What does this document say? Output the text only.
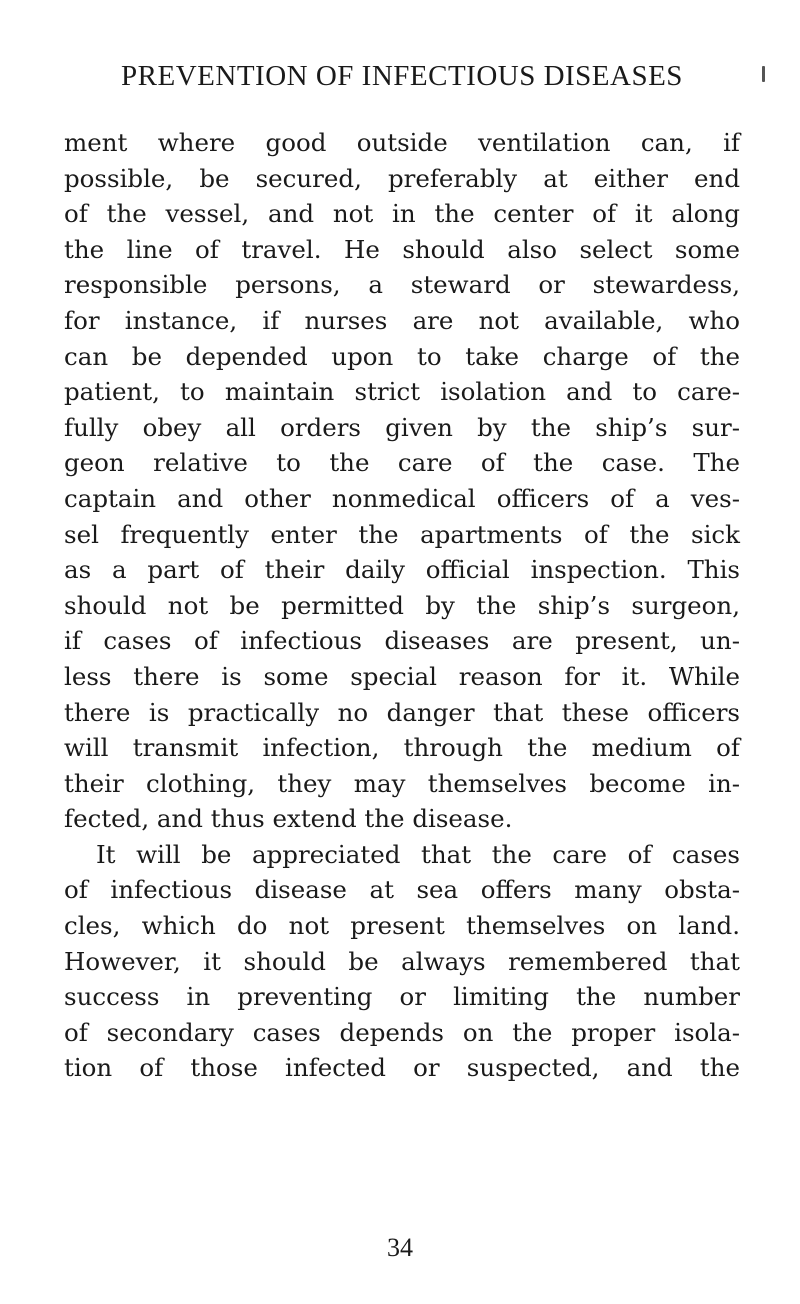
PREVENTION OF INFECTIOUS DISEASES
ment where good outside ventilation can, if
possible, be secured, preferably at either end
of the vessel, and not in the center of it along
the line of travel. He should also select some
responsible persons, a steward or stewardess,
for instance, if nurses are not available, who
can be depended upon to take charge of the
patient, to maintain strict isolation and to care-
fully obey all orders given by the ship’s sur-
geon relative to the care of the case. The
captain and other nonmedical officers of a ves-
sel frequently enter the apartments of the sick
as a part of their daily official inspection. This
should not be permitted by the ship’s surgeon,
if cases of infectious diseases are present, un-
less there is some special reason for it. While
there is practically no danger that these officers
will transmit infection, through the medium of
their clothing, they may themselves become in-
fected, and thus extend the disease.
It will be appreciated that the care of cases
of infectious disease at sea offers many obsta-
cles, which do not present themselves on land.
However, it should be always remembered that
success in preventing or limiting the number
of secondary cases depends on the proper isola-
tion of those infected or suspected, and the
34
